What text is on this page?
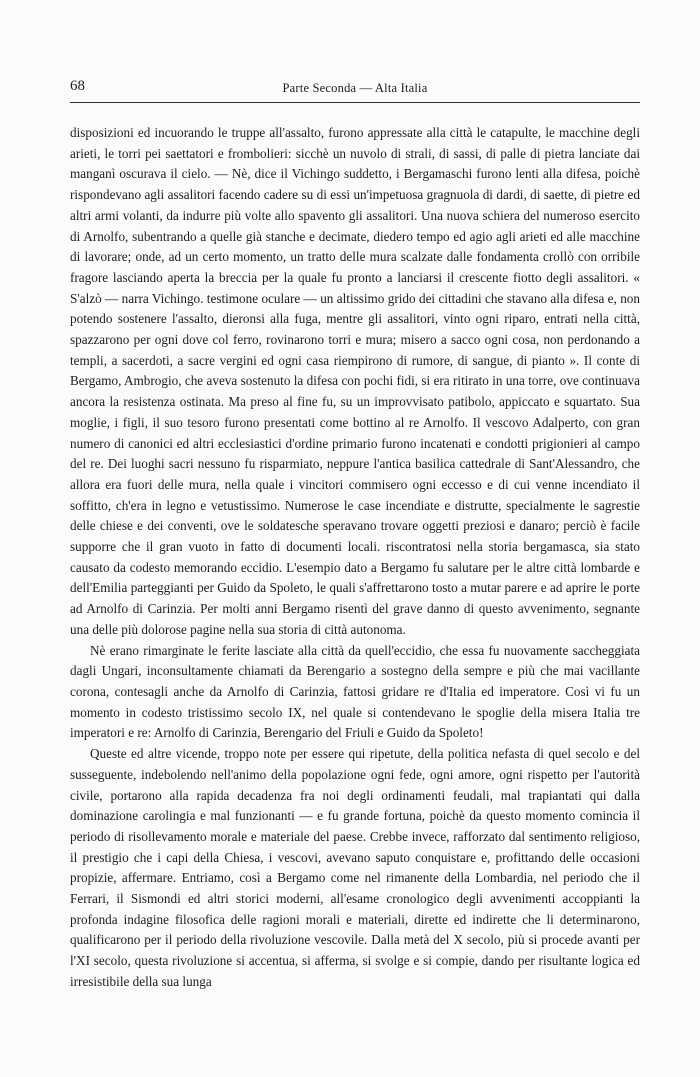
68	Parte Seconda — Alta Italia

disposizioni ed incuorando le truppe all'assalto, furono appressate alla città le catapulte, le macchine degli arieti, le torri pei saettatori e frombolieri: sicchè un nuvolo di strali, di sassi, di palle di pietra lanciate dai manganì oscurava il cielo. — Nè, dice il Vichingo suddetto, i Bergamaschi furono lenti alla difesa, poichè rispondevano agli assalitori facendo cadere su di essi un'impetuosa gragnuola di dardi, di saette, di pietre ed altri armi volanti, da indurre più volte allo spavento gli assalitori. Una nuova schiera del numeroso esercito di Arnolfo, subentrando a quelle già stanche e decimate, diedero tempo ed agio agli arieti ed alle macchine di lavorare; onde, ad un certo momento, un tratto delle mura scalzate dalle fondamenta crollò con orribile fragore lasciando aperta la breccia per la quale fu pronto a lanciarsi il crescente fiotto degli assalitori. « S'alzò — narra Vichingo. testimone oculare — un altissimo grido dei cittadini che stavano alla difesa e, non potendo sostenere l'assalto, dieronsi alla fuga, mentre gli assalitori, vinto ogni riparo, entrati nella città, spazzarono per ogni dove col ferro, rovinarono torri e mura; misero a sacco ogni cosa, non perdonando a templi, a sacerdoti, a sacre vergini ed ogni casa riempirono di rumore, di sangue, di pianto ». Il conte di Bergamo, Ambrogio, che aveva sostenuto la difesa con pochi fidi, si era ritirato in una torre, ove continuava ancora la resistenza ostinata. Ma preso al fine fu, su un improvvisato patibolo, appiccato e squartato. Sua moglie, i figli, il suo tesoro furono presentati come bottino al re Arnolfo. Il vescovo Adalperto, con gran numero di canonici ed altri ecclesiastici d'ordine primario furono incatenati e condotti prigionieri al campo del re. Dei luoghi sacri nessuno fu risparmiato, neppure l'antica basilica cattedrale di Sant'Alessandro, che allora era fuori delle mura, nella quale i vincitori commisero ogni eccesso e di cui venne incendiato il soffitto, ch'era in legno e vetustissimo. Numerose le case incendiate e distrutte, specialmente le sagrestie delle chiese e dei conventi, ove le soldatesche speravano trovare oggetti preziosi e danaro; perciò è facile supporre che il gran vuoto in fatto di documenti locali. riscontratosi nella storia bergamasca, sia stato causato da codesto memorando eccidio. L'esempio dato a Bergamo fu salutare per le altre città lombarde e dell'Emilia parteggianti per Guido da Spoleto, le quali s'affrettarono tosto a mutar parere e ad aprire le porte ad Arnolfo di Carinzia. Per molti anni Bergamo risentì del grave danno di questo avvenimento, segnante una delle più dolorose pagine nella sua storia di città autonoma.

Nè erano rimarginate le ferite lasciate alla città da quell'eccidio, che essa fu nuovamente saccheggiata dagli Ungari, inconsultamente chiamati da Berengario a sostegno della sempre e più che mai vacillante corona, contesagli anche da Arnolfo di Carinzia, fattosi gridare re d'Italia ed imperatore. Così vi fu un momento in codesto tristissimo secolo IX, nel quale si contendevano le spoglie della misera Italia tre imperatori e re: Arnolfo di Carinzia, Berengario del Friuli e Guido da Spoleto!

Queste ed altre vicende, troppo note per essere qui ripetute, della politica nefasta di quel secolo e del susseguente, indebolendo nell'animo della popolazione ogni fede, ogni amore, ogni rispetto per l'autorità civile, portarono alla rapida decadenza fra noi degli ordinamenti feudali, mal trapiantati qui dalla dominazione carolingia e mal funzionanti — e fu grande fortuna, poichè da questo momento comincia il periodo di risollevamento morale e materiale del paese. Crebbe invece, rafforzato dal sentimento religioso, il prestigio che i capi della Chiesa, i vescovi, avevano saputo conquistare e, profittando delle occasioni propizie, affermare. Entriamo, così a Bergamo come nel rimanente della Lombardia, nel periodo che il Ferrari, il Sismondi ed altri storici moderni, all'esame cronologico degli avvenimenti accoppianti la profonda indagine filosofica delle ragioni morali e materiali, dirette ed indirette che li determinarono, qualificarono per il periodo della rivoluzione vescovile. Dalla metà del X secolo, più si procede avanti per l'XI secolo, questa rivoluzione si accentua, si afferma, si svolge e si compie, dando per risultante logica ed irresistibile della sua lunga
